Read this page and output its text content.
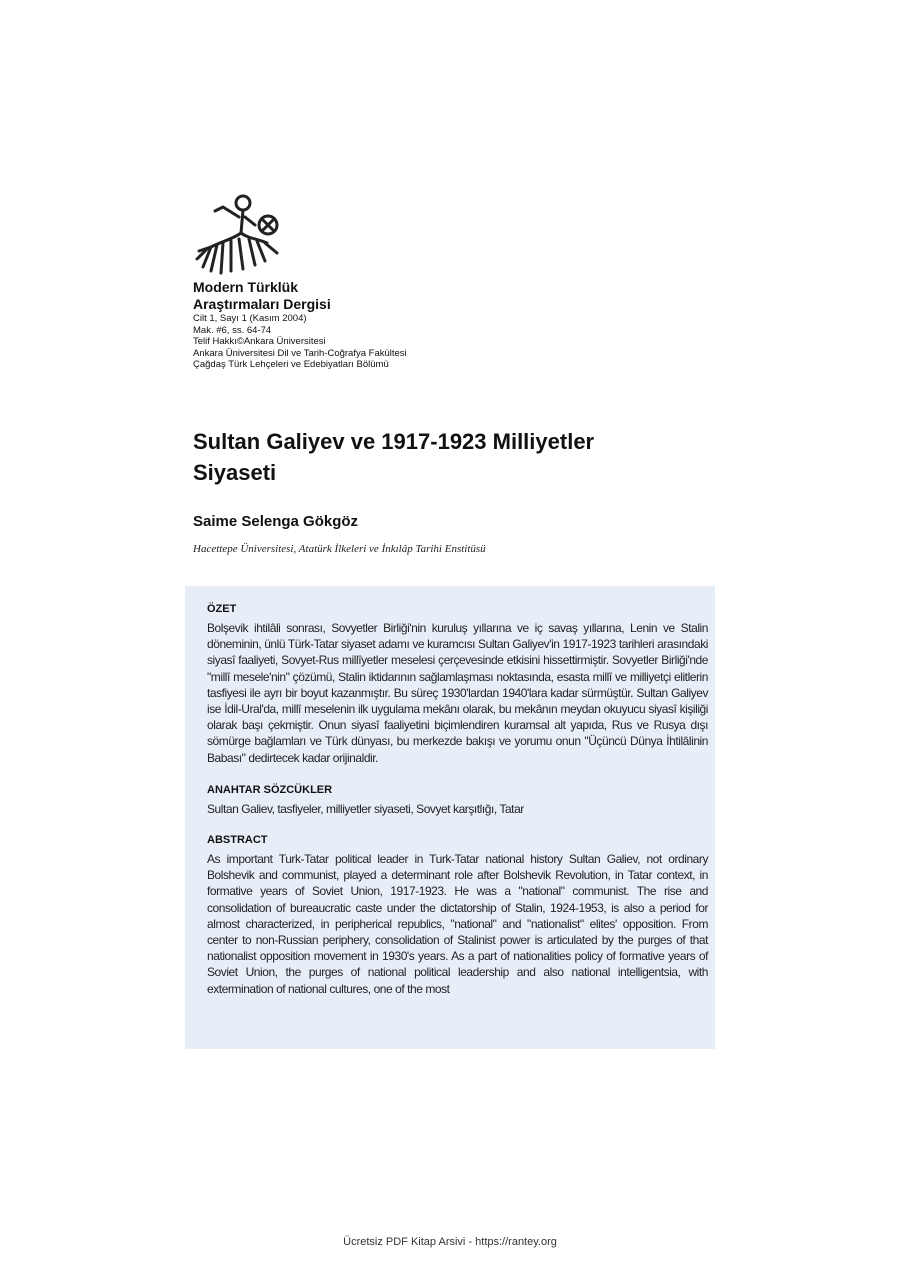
Modern Türklük
Araştırmaları Dergisi
Cilt 1, Sayı 1 (Kasım 2004)
Mak. #6, ss. 64-74
Telif Hakkı©Ankara Üniversitesi
Ankara Üniversitesi Dil ve Tarih-Coğrafya Fakültesi
Çağdaş Türk Lehçeleri ve Edebiyatları Bölümü
Sultan Galiyev ve 1917-1923 Milliyetler
Siyaseti
Saime Selenga Gökgöz
Hacettepe Üniversitesi, Atatürk İlkeleri ve İnkılâp Tarihi Enstitüsü
ÖZET

Bolşevik ihtilâli sonrası, Sovyetler Birliği'nin kuruluş yıllarına ve iç savaş yıllarına, Lenin ve Stalin döneminin, ünlü Türk-Tatar siyaset adamı ve kuramcısı Sultan Galiyev'in 1917-1923 tarihleri arasındaki siyasî faaliyeti, Sovyet-Rus millîyetler meselesi çerçevesinde etkisini hissettirmiştir. Sovyetler Birliği'nde "millî mesele'nin" çözümü, Stalin iktidarının sağlamlaşması noktasında, esasta millî ve milliyetçi elitlerin tasfiyesi ile ayrı bir boyut kazanmıştır. Bu süreç 1930'lardan 1940'lara kadar sürmüştür. Sultan Galiyev ise İdil-Ural'da, millî meselenin ilk uygulama mekânı olarak, bu mekânın meydan okuyucu siyasî kişiliği olarak başı çekmiştir. Onun siyasî faaliyetini biçimlendiren kuramsal alt yapıda, Rus ve Rusya dışı sömürge bağlamları ve Türk dünyası, bu merkezde bakışı ve yorumu onun "Üçüncü Dünya İhtilâlinin Babası" dedirtecek kadar orijinaldir.

ANAHTAR SÖZCÜKLER

Sultan Galiev, tasfiyeler, milliyetler siyaseti, Sovyet karşıtlığı, Tatar

ABSTRACT

As important Turk-Tatar political leader in Turk-Tatar national history Sultan Galiev, not ordinary Bolshevik and communist, played a determinant role after Bolshevik Revolution, in Tatar context, in formative years of Soviet Union, 1917-1923. He was a "national" communist. The rise and consolidation of bureaucratic caste under the dictatorship of Stalin, 1924-1953, is also a period for almost characterized, in peripherical republics, "national" and "nationalist" elites' opposition. From center to non-Russian periphery, consolidation of Stalinist power is articulated by the purges of that nationalist opposition movement in 1930's years. As a part of nationalities policy of formative years of Soviet Union, the purges of national political leadership and also national intelligentsia, with extermination of national cultures, one of the most

Ücretsiz PDF Kitap Arsivi - https://rantey.org
